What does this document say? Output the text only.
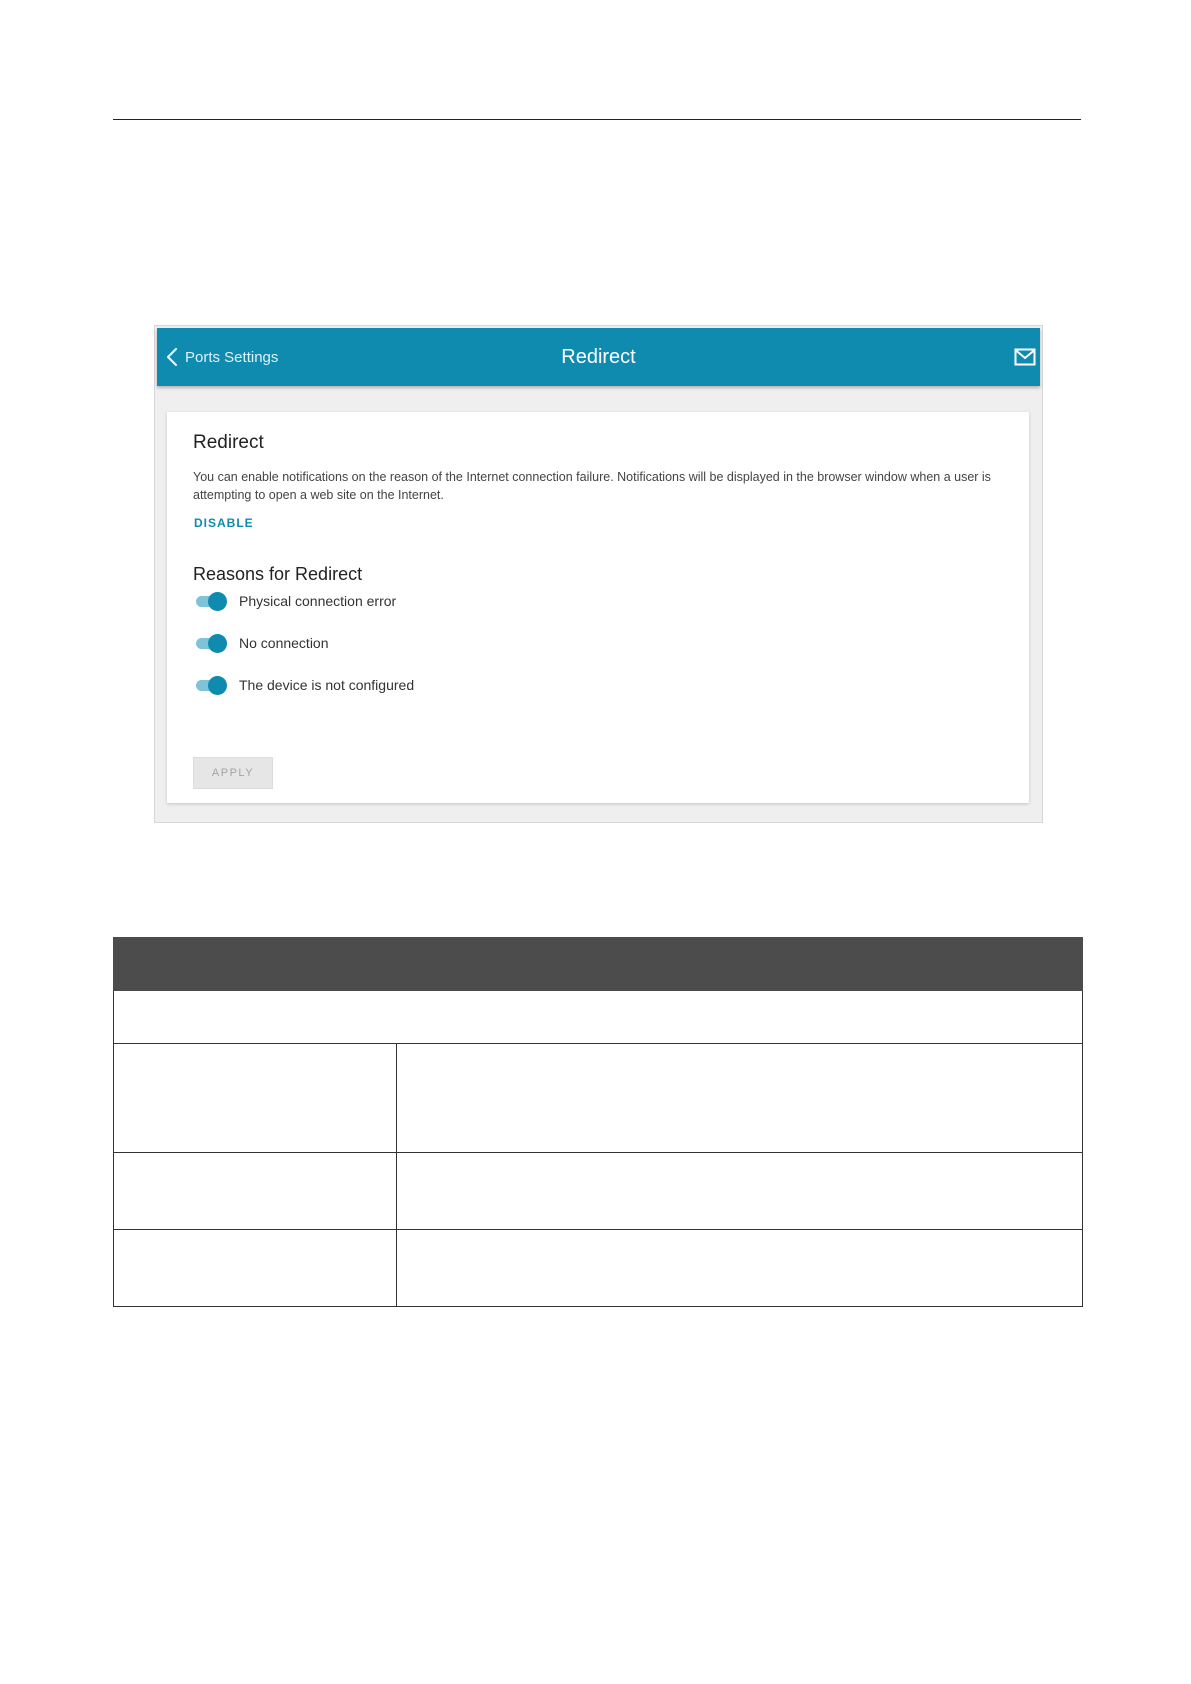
Ports Settings	Redirect
Redirect
You can enable notifications on the reason of the Internet connection failure. Notifications will be displayed in the browser window when a user is attempting to open a web site on the Internet.
DISABLE
Reasons for Redirect
Physical connection error
No connection
The device is not configured
APPLY
